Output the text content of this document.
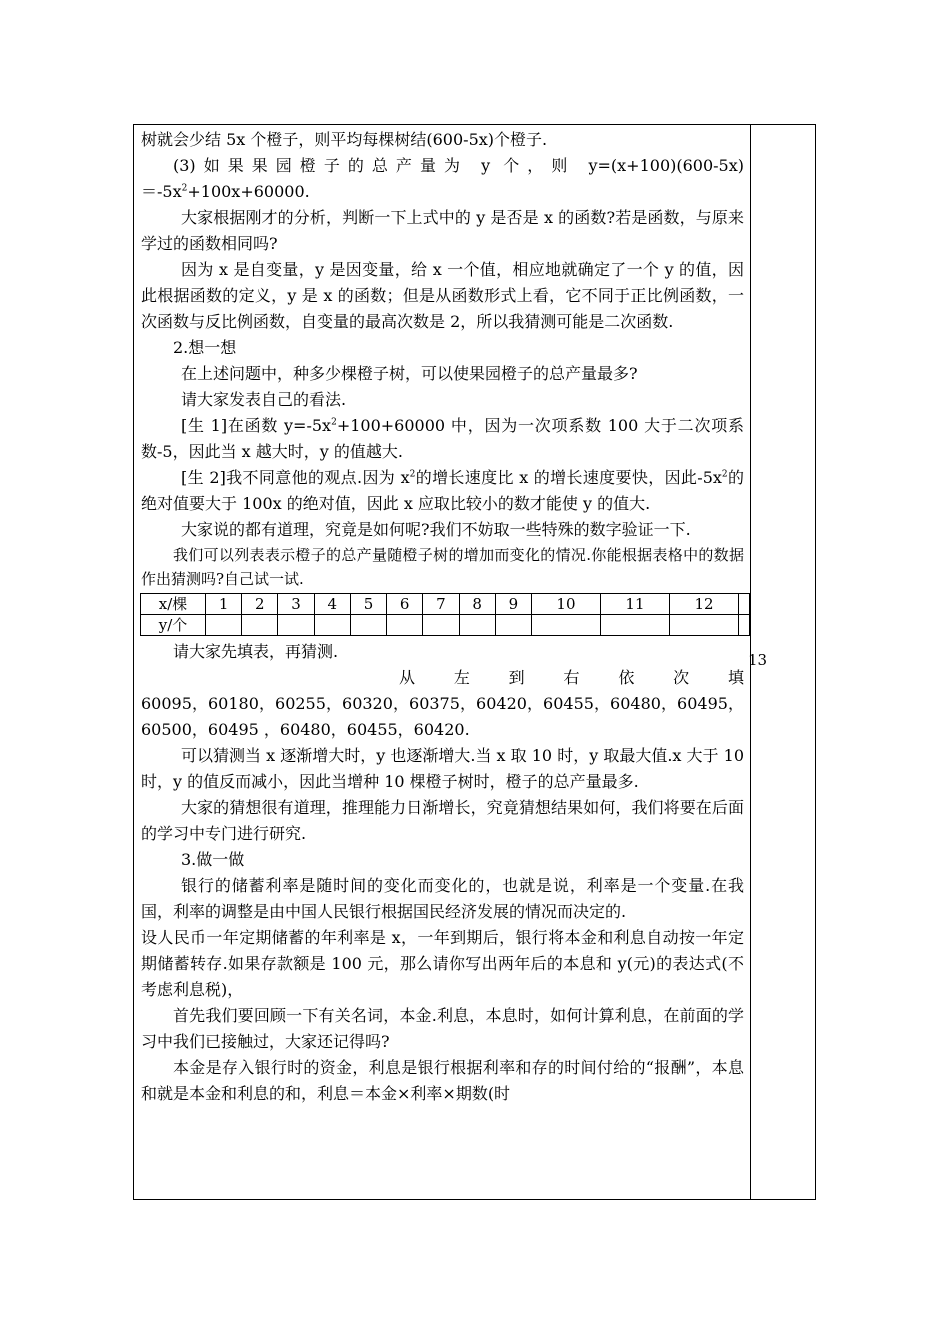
树就会少结 5x 个橙子，则平均每棵树结(600-5x)个橙子.

(3)如果果园橙子的总产量为 y 个，则 $y=(x+100)(600-5x)=-5x^2+100x+60000$.

大家根据刚才的分析，判断一下上式中的 y 是否是 x 的函数?若是函数，与原来学过的函数相同吗?

因为 x 是自变量，y 是因变量，给 x 一个值，相应地就确定了一个 y 的值，因此根据函数的定义，y 是 x 的函数；但是从函数形式上看，它不同于正比例函数，一次函数与反比例函数，自变量的最高次数是 2，所以我猜测可能是二次函数.

2.想一想

在上述问题中，种多少棵橙子树，可以使果园橙子的总产量最多?

请大家发表自己的看法.

[生 1]在函数 $y=-5x^2+100+60000$ 中，因为一次项系数 100 大于二次项系数-5，因此当 x 越大时，y 的值越大.

[生 2]我不同意他的观点.因为 $x^2$的增长速度比 x 的增长速度要快，因此$-5x^2$的绝对值要大于 100x 的绝对值，因此 x 应取比较小的数才能使 y 的值大.

大家说的都有道理，究竟是如何呢?我们不妨取一些特殊的数字验证一下.

我们可以列表表示橙子的总产量随橙子树的增加而变化的情况.你能根据表格中的数据作出猜测吗?自己试一试.

x/棵	1	2	3	4	5	6	7	8	9	10	11	12	
y/个													

请大家先填表，再猜测.

从 左 到 右 依 次 填

60095，60180，60255，60320，60375，60420，60455，60480，60495，60500，60495 ，60480，60455，60420.

可以猜测当 x 逐渐增大时，y 也逐渐增大.当 x 取 10 时，y 取最大值.x 大于 10 时，y 的值反而减小，因此当增种 10 棵橙子树时，橙子的总产量最多.

大家的猜想很有道理，推理能力日渐增长，究竟猜想结果如何，我们将要在后面的学习中专门进行研究.

3.做一做

银行的储蓄利率是随时间的变化而变化的，也就是说，利率是一个变量.在我国，利率的调整是由中国人民银行根据国民经济发展的情况而决定的.

设人民币一年定期储蓄的年利率是 x，一年到期后，银行将本金和利息自动按一年定期储蓄转存.如果存款额是 100 元，那么请你写出两年后的本息和 y(元)的表达式(不考虑利息税)，

首先我们要回顾一下有关名词，本金.利息，本息时，如何计算利息，在前面的学习中我们已接触过，大家还记得吗?

本金是存入银行时的资金，利息是银行根据利率和存的时间付给的“报酬”，本息和就是本金和利息的和，利息＝本金×利率×期数(时

13
